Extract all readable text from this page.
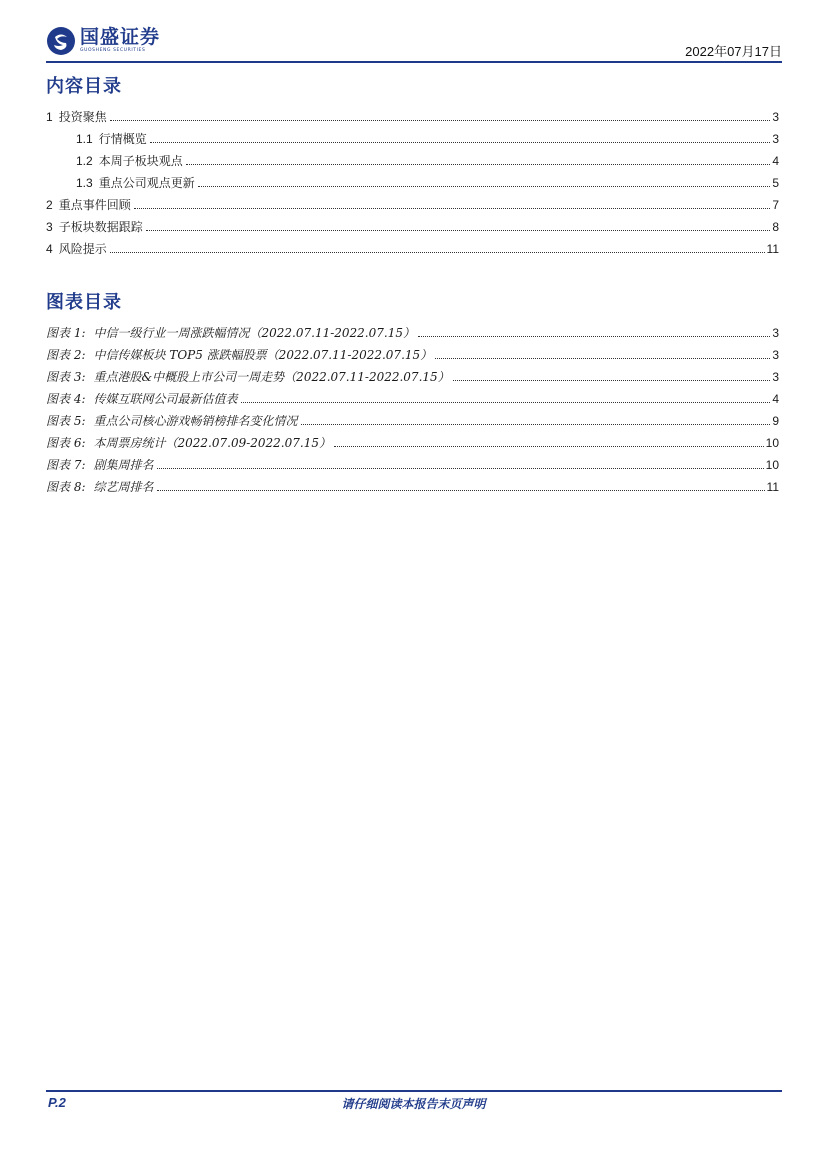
国盛证券
GUOSHENG SECURITIES	2022年07月17日
内容目录
1 投资聚焦	3
1.1 行情概览	3
1.2 本周子板块观点	4
1.3 重点公司观点更新	5
2 重点事件回顾	7
3 子板块数据跟踪	8
4 风险提示	11
图表目录
图表 1: 中信一级行业一周涨跌幅情况（2022.07.11-2022.07.15）	3
图表 2: 中信传媒板块 TOP5 涨跌幅股票（2022.07.11-2022.07.15）	3
图表 3: 重点港股&中概股上市公司一周走势（2022.07.11-2022.07.15）	3
图表 4: 传媒互联网公司最新估值表	4
图表 5: 重点公司核心游戏畅销榜排名变化情况	9
图表 6: 本周票房统计（2022.07.09-2022.07.15）	10
图表 7: 剧集周排名	10
图表 8: 综艺周排名	11
请仔细阅读本报告末页声明
P.2
